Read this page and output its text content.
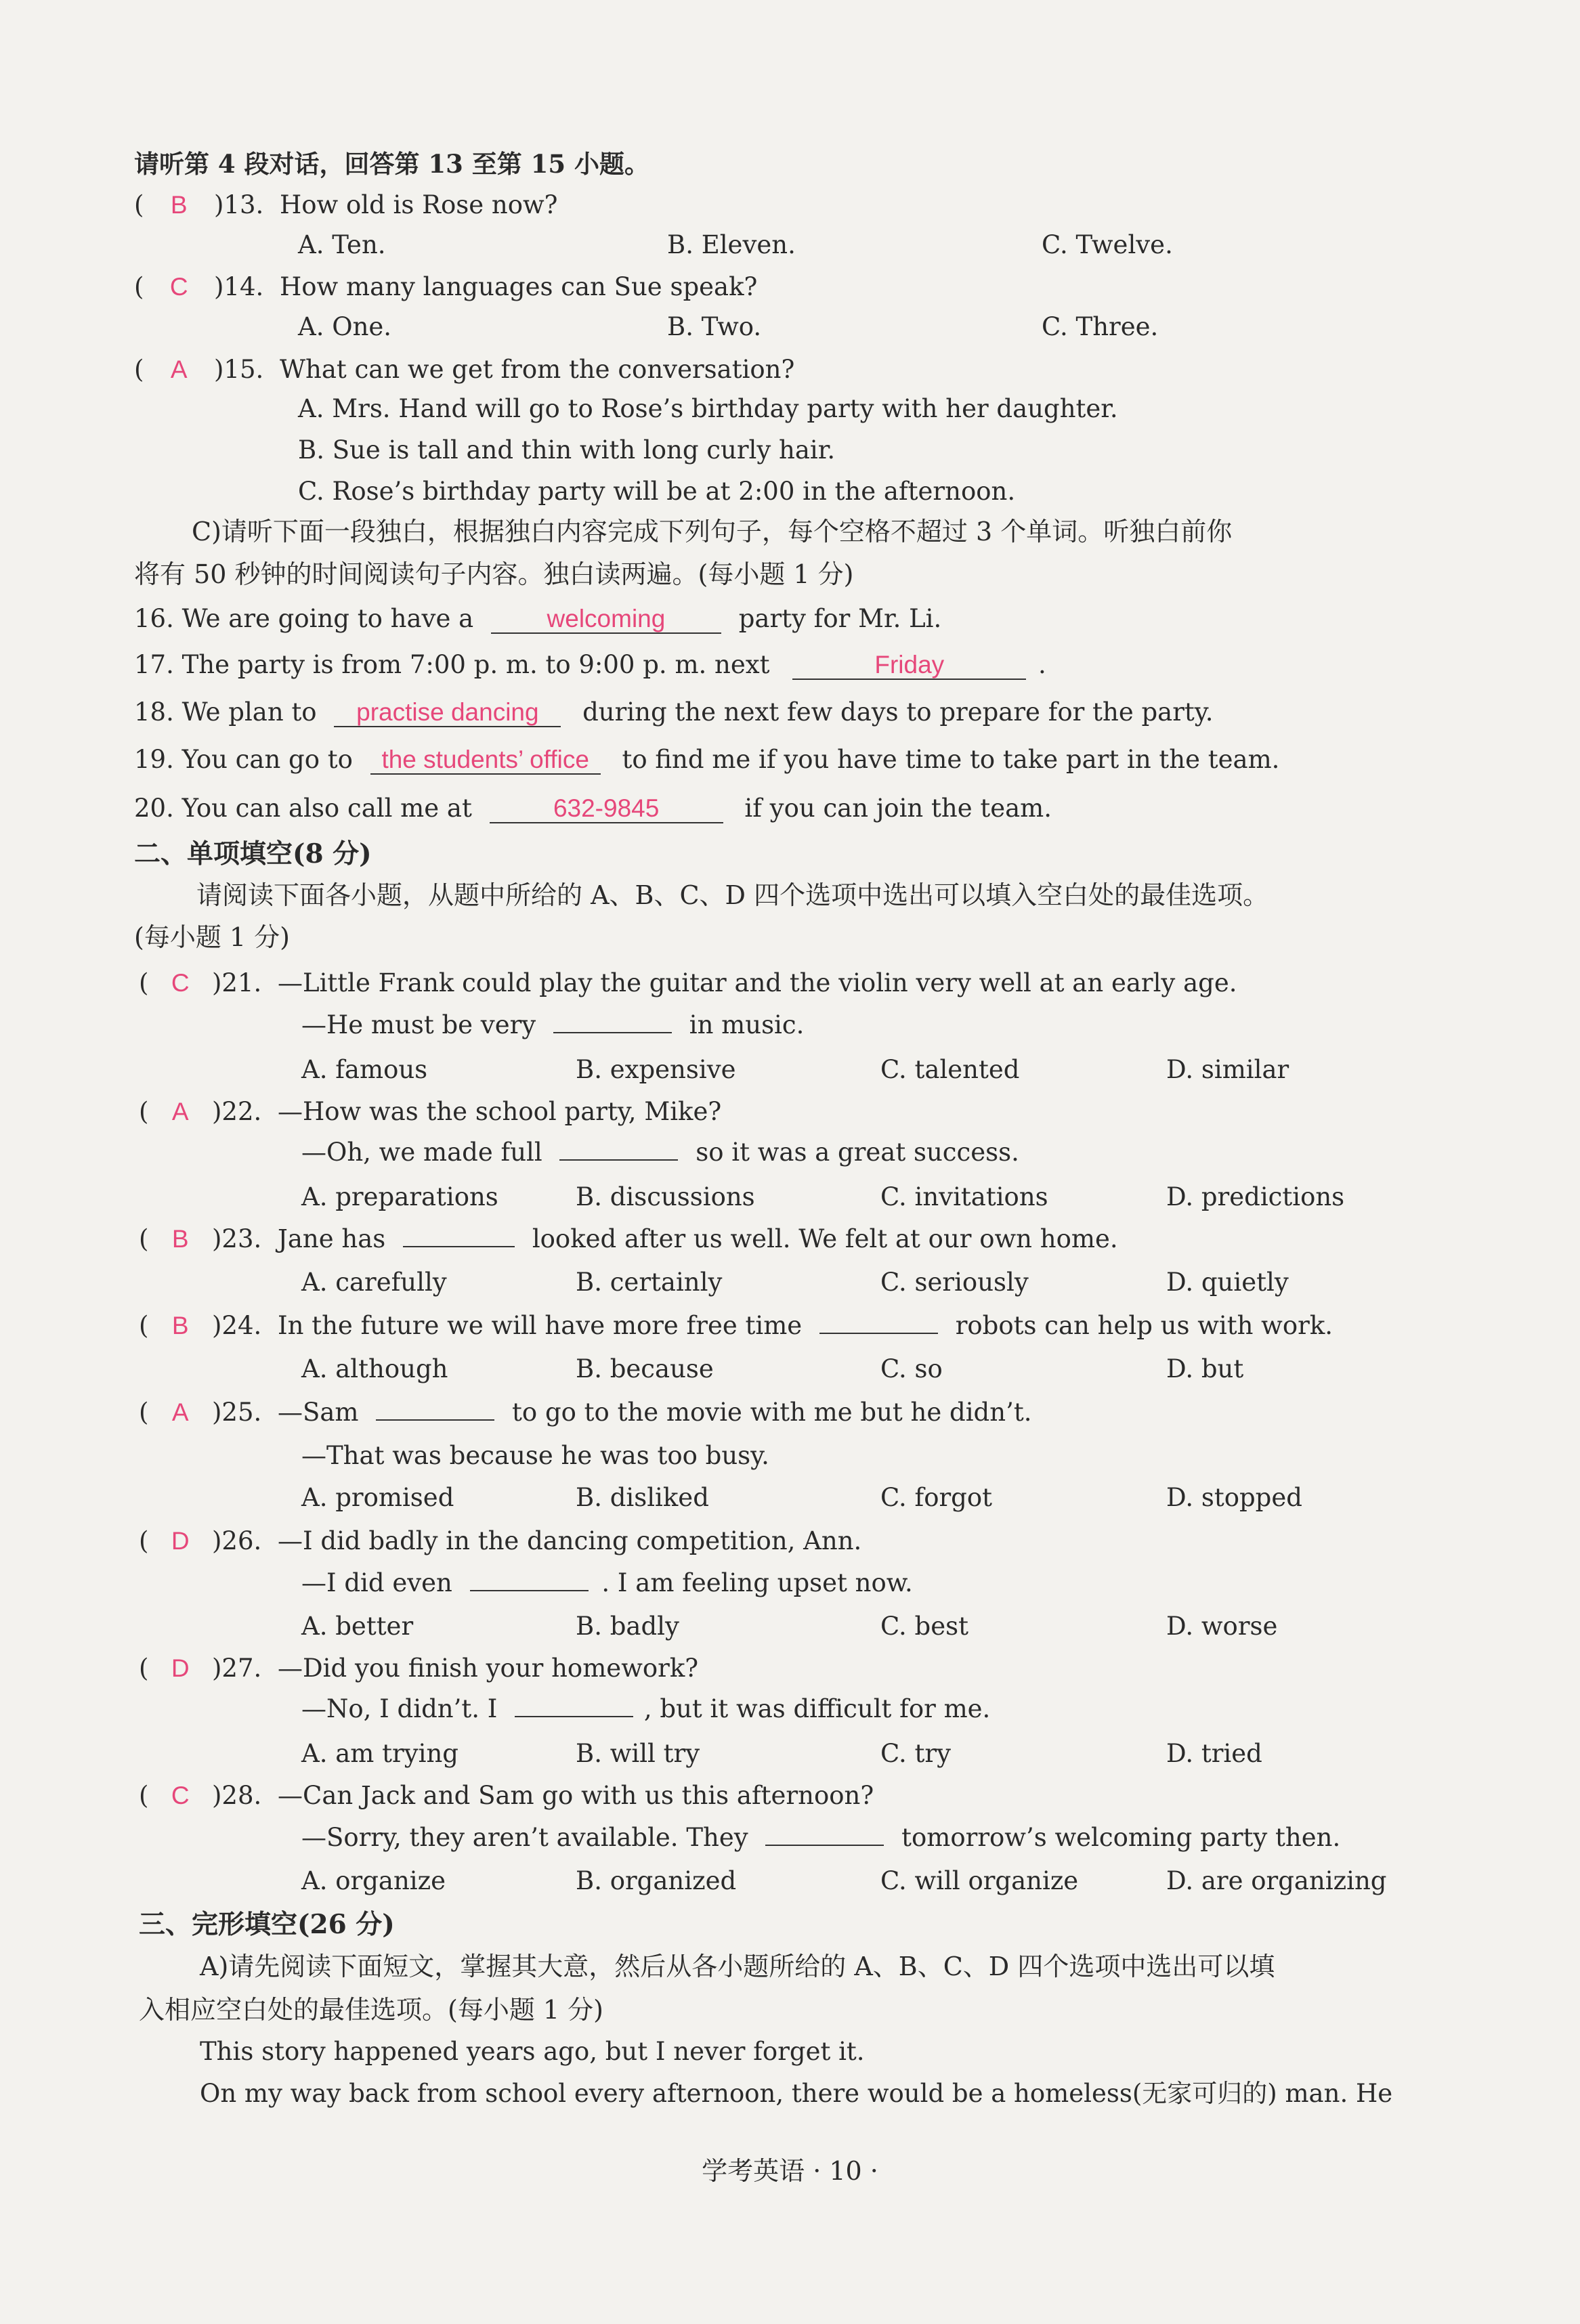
请听第 4 段对话，回答第 13 至第 15 小题。
( B )13. How old is Rose now?
A. Ten.	B. Eleven.	C. Twelve.
( C )14. How many languages can Sue speak?
A. One.	B. Two.	C. Three.
( A )15. What can we get from the conversation?
A. Mrs. Hand will go to Rose’s birthday party with her daughter.
B. Sue is tall and thin with long curly hair.
C. Rose’s birthday party will be at 2:00 in the afternoon.
C)请听下面一段独白，根据独白内容完成下列句子，每个空格不超过 3 个单词。听独白前你
将有 50 秒钟的时间阅读句子内容。独白读两遍。(每小题 1 分)
16. We are going to have a	welcoming	party for Mr. Li.
17. The party is from 7:00 p. m. to 9:00 p. m. next	Friday	.
18. We plan to practise dancing during the next few days to prepare for the party.
19. You can go to the students’ office to find me if you have time to take part in the team.
20. You can also call me at	632-9845	if you can join the team.
二、单项填空(8 分)
请阅读下面各小题，从题中所给的 A、B、C、D 四个选项中选出可以填入空白处的最佳选项。
(每小题 1 分)
( C )21. —Little Frank could play the guitar and the violin very well at an early age.
—He must be very	in music.
A. famous	B. expensive	C. talented	D. similar
( A )22. —How was the school party, Mike?
—Oh, we made full	so it was a great success.
A. preparations	B. discussions	C. invitations	D. predictions
( B )23. Jane has	looked after us well. We felt at our own home.
A. carefully	B. certainly	C. seriously	D. quietly
( B )24. In the future we will have more free time	robots can help us with work.
A. although	B. because	C. so	D. but
( A )25. —Sam	to go to the movie with me but he didn’t.
—That was because he was too busy.
A. promised	B. disliked	C. forgot	D. stopped
( D )26. —I did badly in the dancing competition, Ann.
—I did even	. I am feeling upset now.
A. better	B. badly	C. best	D. worse
( D )27. —Did you finish your homework?
—No, I didn’t. I	, but it was difficult for me.
A. am trying	B. will try	C. try	D. tried
( C )28. —Can Jack and Sam go with us this afternoon?
—Sorry, they aren’t available. They	tomorrow’s welcoming party then.
A. organize	B. organized	C. will organize	D. are organizing
三、完形填空(26 分)
A)请先阅读下面短文，掌握其大意，然后从各小题所给的 A、B、C、D 四个选项中选出可以填
入相应空白处的最佳选项。(每小题 1 分)
This story happened years ago, but I never forget it.
On my way back from school every afternoon, there would be a homeless(无家可归的) man. He
学考英语 · 10 ·
